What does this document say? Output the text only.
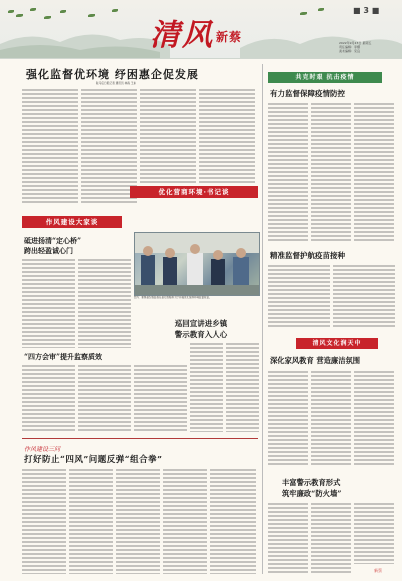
清风 新蔡
■ 3 ■
2022年9月23日 星期五
责任编辑：李娜
美术编辑：宋良
强化监督优环境 纾困惠企促发展
驻马店日报记者 通讯员 林森 王东
优化营商环境·书记谈
作风建设大家谈
砥进扬清“定心桥”
跨出轻盈诚心门
“四方会审”提升监察质效
图为：新蔡县纪委监委在县行政服务大厅开展优化营商环境监督检查。
巡回宣讲进乡镇
警示教育入人心
作风建设三问
打好防止“四风”问题反弹“组合拳”
共克时艰 抗击疫情
有力监督保障疫情防控
精准监督护航疫苗接种
清风文化润天中
深化家风教育 营造廉洁氛围
丰富警示教育形式
筑牢廉政“防火墙”
新蔡
